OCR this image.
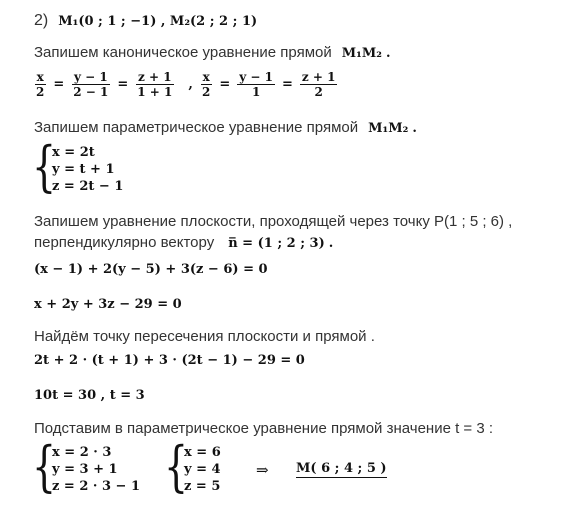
2) M₁(0 ; 1 ; −1) , M₂(2 ; 2 ; 1)
Запишем каноническое уравнение прямой M₁M₂ .
$\frac{x}{2} = \frac{y - 1}{2 - 1} = \frac{z + 1}{1 + 1}$ , $\frac{x}{2} = \frac{y - 1}{1} = \frac{z + 1}{2}$
Запишем параметрическое уравнение прямой M₁M₂ .
{
x = 2t
y = t + 1
z = 2t − 1
Запишем уравнение плоскости, проходящей через точку P(1 ; 5 ; 6) ,
перпендикулярно вектору n̅ = (1 ; 2 ; 3) .
(x − 1) + 2(y − 5) + 3(z − 6) = 0
x + 2y + 3z − 29 = 0
Найдём точку пересечения плоскости и прямой .
2t + 2 · (t + 1) + 3 · (2t − 1) − 29 = 0
10t = 30 , t = 3
Подставим в параметрическое уравнение прямой значение t = 3 :
{
x = 2 · 3
y = 3 + 1
z = 2 · 3 − 1 {
x = 6
y = 4
z = 5
⇒ M( 6 ; 4 ; 5 )
